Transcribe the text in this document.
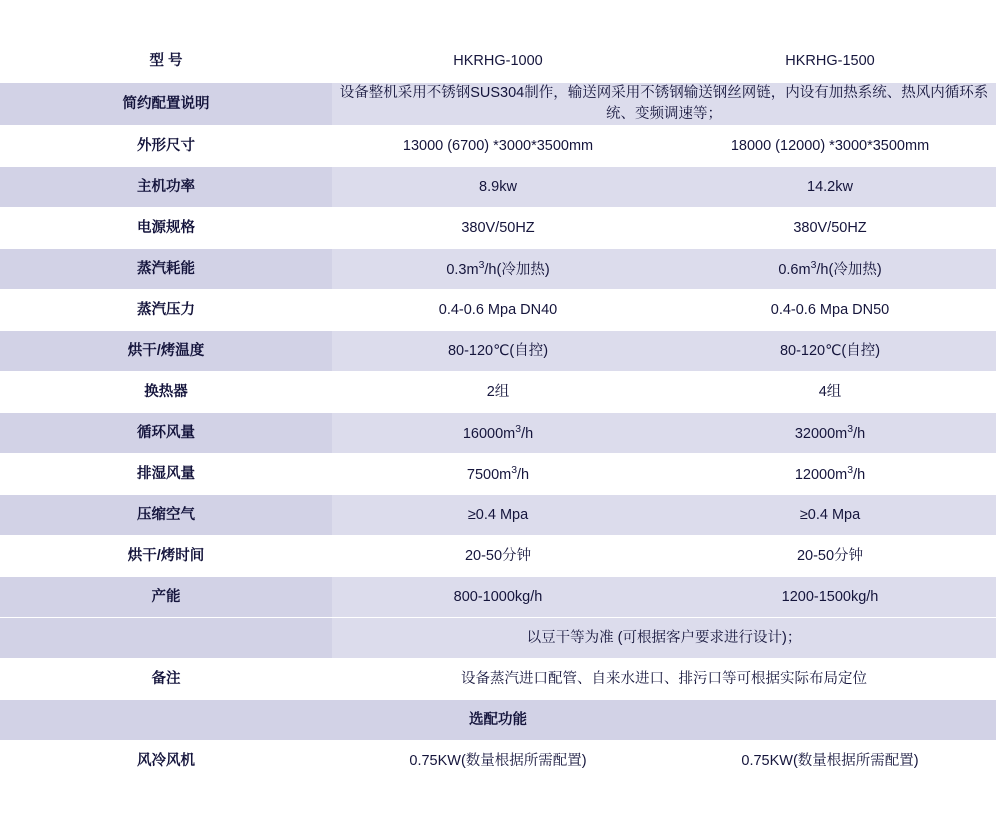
型 号	HKRHG-1000	HKRHG-1500
简约配置说明	设备整机采用不锈钢SUS304制作，输送网采用不锈钢输送钢丝网链，内设有加热系统、热风内循环系统、变频调速等；	
外形尺寸	13000 (6700) *3000*3500mm	18000 (12000) *3000*3500mm
主机功率	8.9kw	14.2kw
电源规格	380V/50HZ	380V/50HZ
蒸汽耗能	$0.3m^3/h$(冷加热)	$0.6m^3/h$(冷加热)
蒸汽压力	0.4-0.6 Mpa DN40	0.4-0.6 Mpa DN50
烘干/烤温度	80-120℃(自控)	80-120℃(自控)
换热器	2组	4组
循环风量	$16000m^3/h$	$32000m^3/h$
排湿风量	$7500m^3/h$	$12000m^3/h$
压缩空气	≥0.4 Mpa	≥0.4 Mpa
烘干/烤时间	20-50分钟	20-50分钟
产能	800-1000kg/h	1200-1500kg/h

	以豆干等为准 (可根据客户要求进行设计)；	
备注	设备蒸汽进口配管、自来水进口、排污口等可根据实际布局定位	
选配功能		
风冷风机	0.75KW(数量根据所需配置)	0.75KW(数量根据所需配置)
